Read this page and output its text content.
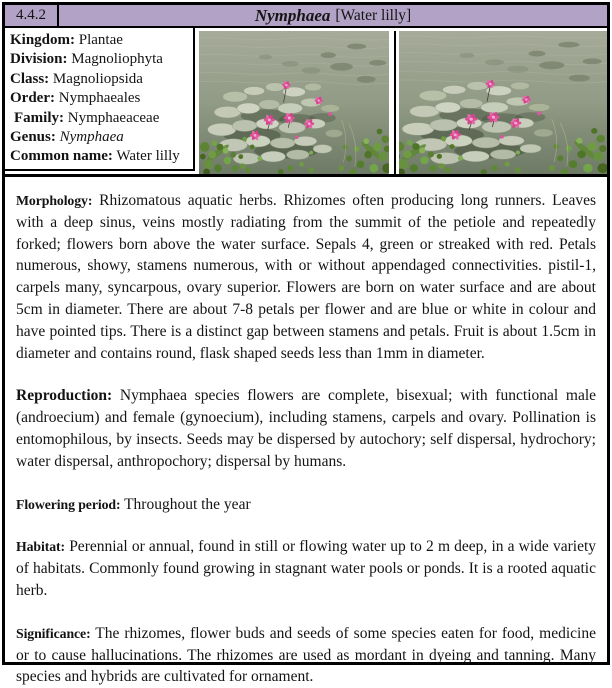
4.4.2	Nymphaea [Water lilly]
Kingdom: Plantae
Division: Magnoliophyta
Class: Magnoliopsida
Order: Nymphaeales
Family: Nymphaeaceae
Genus: Nymphaea
Common name: Water lilly

Morphology: Rhizomatous aquatic herbs. Rhizomes often producing long runners. Leaves with a deep sinus, veins mostly radiating from the summit of the petiole and repeatedly forked; flowers born above the water surface. Sepals 4, green or streaked with red. Petals numerous, showy, stamens numerous, with or without appendaged connectivities. pistil-1, carpels many, syncarpous, ovary superior. Flowers are born on water surface and are about 5cm in diameter. There are about 7-8 petals per flower and are blue or white in colour and have pointed tips. There is a distinct gap between stamens and petals. Fruit is about 1.5cm in diameter and contains round, flask shaped seeds less than 1mm in diameter.

Reproduction: Nymphaea species flowers are complete, bisexual; with functional male (androecium) and female (gynoecium), including stamens, carpels and ovary. Pollination is entomophilous, by insects. Seeds may be dispersed by autochory; self dispersal, hydrochory; water dispersal, anthropochory; dispersal by humans.

Flowering period: Throughout the year

Habitat: Perennial or annual, found in still or flowing water up to 2 m deep, in a wide variety of habitats. Commonly found growing in stagnant water pools or ponds. It is a rooted aquatic herb.

Significance: The rhizomes, flower buds and seeds of some species eaten for food, medicine or to cause hallucinations. The rhizomes are used as mordant in dyeing and tanning. Many species and hybrids are cultivated for ornament.
